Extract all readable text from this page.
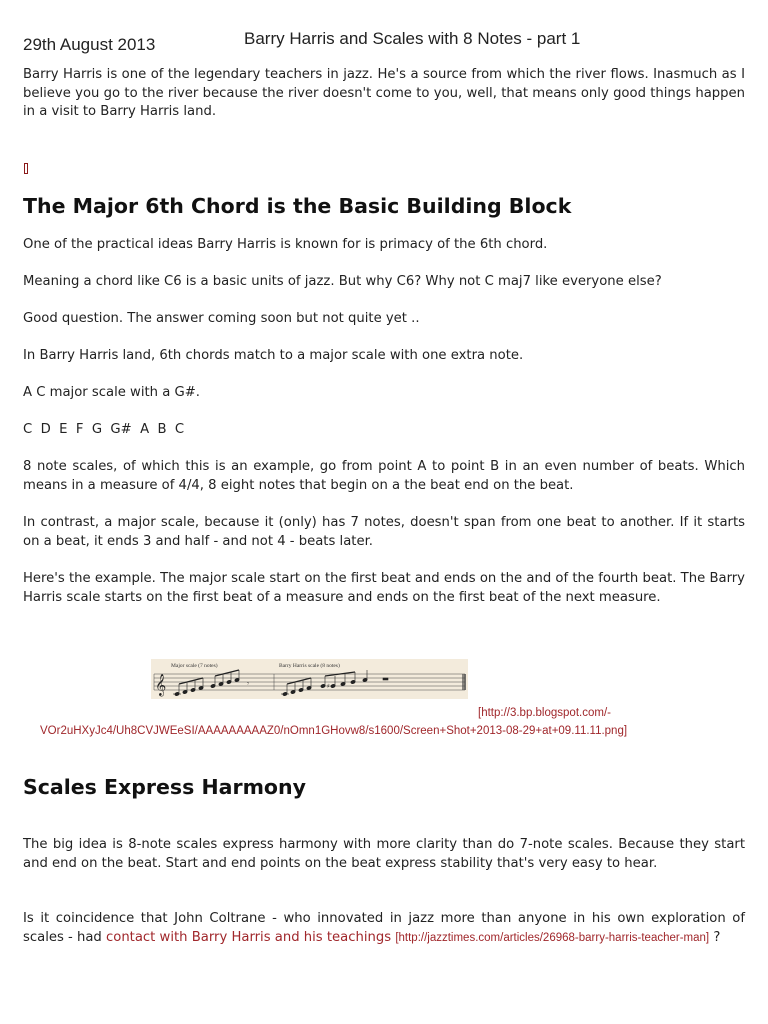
29th August 2013	Barry Harris and Scales with 8 Notes - part 1
Barry Harris is one of the legendary teachers in jazz. He's a source from which the river flows. Inasmuch as I believe you go to the river because the river doesn't come to you, well, that means only good things happen in a visit to Barry Harris land.
The Major 6th Chord is the Basic Building Block
One of the practical ideas Barry Harris is known for is primacy of the 6th chord.
Meaning a chord like C6 is a basic units of jazz. But why C6? Why not C maj7 like everyone else?
Good question. The answer coming soon but not quite yet ..
In Barry Harris land, 6th chords match to a major scale with one extra note.
A C major scale with a G#.
C  D  E  F  G  G#  A  B  C
8 note scales, of which this is an example, go from point A to point B in an even number of beats. Which means in a measure of 4/4, 8 eight notes that begin on a the beat end on the beat.
In contrast, a major scale, because it (only) has 7 notes, doesn't span from one beat to another. If it starts on a beat, it ends 3 and half - and not 4 - beats later.
Here's the example. The major scale start on the first beat and ends on the and of the fourth beat. The Barry Harris scale starts on the first beat of a measure and ends on the first beat of the next measure.
Major scale (7 notes)	Barry Harris scale (8 notes)
𝄞	♯
𝄾
[http://3.bp.blogspot.com/-
VOr2uHXyJc4/Uh8CVJWEeSI/AAAAAAAAAZ0/nOmn1GHovw8/s1600/Screen+Shot+2013-08-29+at+09.11.11.png]
Scales Express Harmony
The big idea is 8-note scales express harmony with more clarity than do 7-note scales. Because they start and end on the beat. Start and end points on the beat express stability that's very easy to hear.
Is it coincidence that John Coltrane - who innovated in jazz more than anyone in his own exploration of scales - had contact with Barry Harris and his teachings [http://jazztimes.com/articles/26968-barry-harris-teacher-man] ?
